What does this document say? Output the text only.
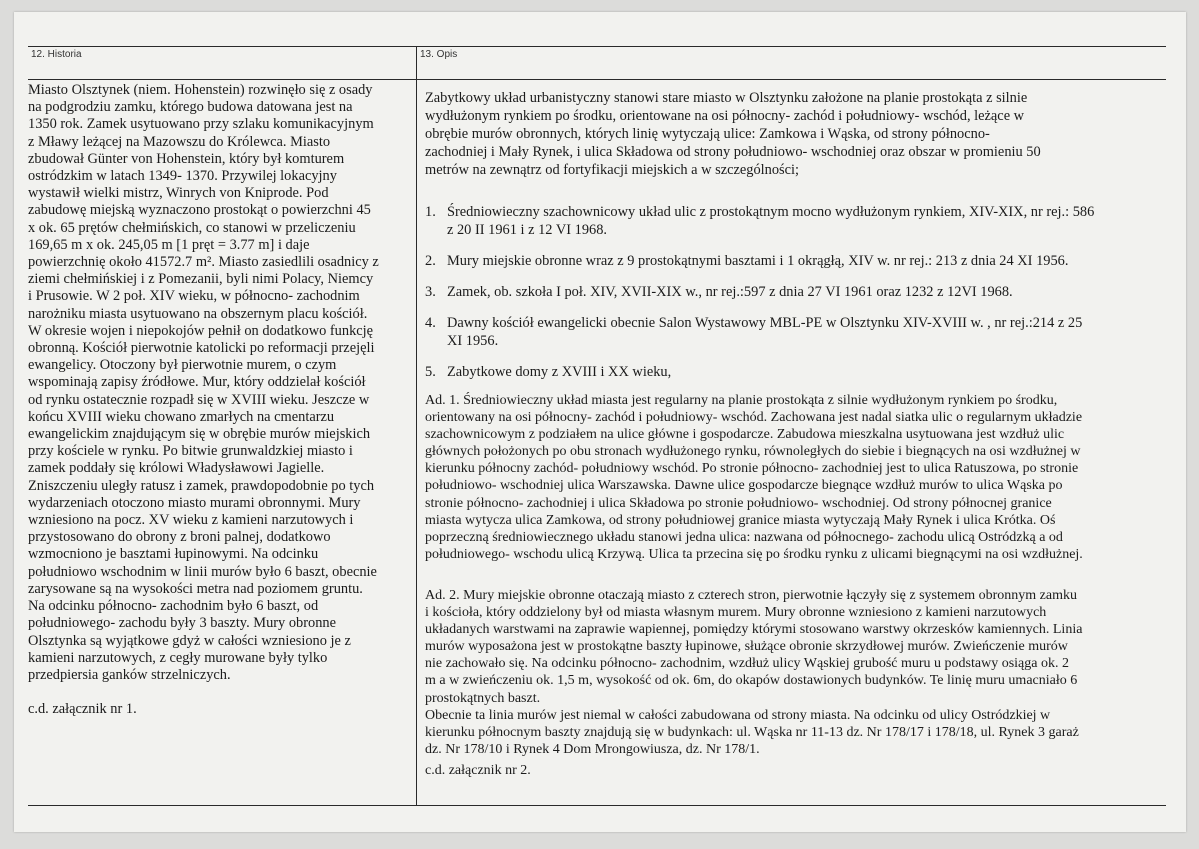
12. Historia	13. Opis
Miasto Olsztynek (niem. Hohenstein) rozwinęło się z osady
na podgrodziu zamku, którego budowa datowana jest na
1350 rok. Zamek usytuowano przy szlaku komunikacyjnym
z Mławy leżącej na Mazowszu do Królewca. Miasto
zbudował Günter von Hohenstein, który był komturem
ostródzkim w latach 1349- 1370. Przywilej lokacyjny
wystawił wielki mistrz, Winrych von Kniprode. Pod
zabudowę miejską wyznaczono prostokąt o powierzchni 45
x ok. 65 prętów chełmińskich, co stanowi w przeliczeniu
169,65 m x ok. 245,05 m [1 pręt = 3.77 m] i daje
powierzchnię około 41572.7 m². Miasto zasiedlili osadnicy z
ziemi chełmińskiej i z Pomezanii, byli nimi Polacy, Niemcy
i Prusowie. W 2 poł. XIV wieku, w północno- zachodnim
narożniku miasta usytuowano na obszernym placu kościół.
W okresie wojen i niepokojów pełnił on dodatkowo funkcję
obronną. Kościół pierwotnie katolicki po reformacji przejęli
ewangelicy. Otoczony był pierwotnie murem, o czym
wspominają zapisy źródłowe. Mur, który oddzielał kościół
od rynku ostatecznie rozpadł się w XVIII wieku. Jeszcze w
końcu XVIII wieku chowano zmarłych na cmentarzu
ewangelickim znajdującym się w obrębie murów miejskich
przy kościele w rynku. Po bitwie grunwaldzkiej miasto i
zamek poddały się królowi Władysławowi Jagielle.
Zniszczeniu uległy ratusz i zamek, prawdopodobnie po tych
wydarzeniach otoczono miasto murami obronnymi. Mury
wzniesiono na pocz. XV wieku z kamieni narzutowych i
przystosowano do obrony z broni palnej, dodatkowo
wzmocniono je basztami łupinowymi. Na odcinku
południowo wschodnim w linii murów było 6 baszt, obecnie
zarysowane są na wysokości metra nad poziomem gruntu.
Na odcinku północno- zachodnim było 6 baszt, od
południowego- zachodu były 3 baszty. Mury obronne
Olsztynka są wyjątkowe gdyż w całości wzniesiono je z
kamieni narzutowych, z cegły murowane były tylko
przedpiersia ganków strzelniczych.
c.d. załącznik nr 1.
Zabytkowy układ urbanistyczny stanowi stare miasto w Olsztynku założone na planie prostokąta z silnie
wydłużonym rynkiem po środku, orientowane na osi północny- zachód i południowy- wschód, leżące w
obrębie murów obronnych, których linię wytyczają ulice: Zamkowa i Wąska, od strony północno-
zachodniej i Mały Rynek, i ulica Składowa od strony południowo- wschodniej oraz obszar w promieniu 50
metrów na zewnątrz od fortyfikacji miejskich a w szczególności;
1. Średniowieczny szachownicowy układ ulic z prostokątnym mocno wydłużonym rynkiem, XIV-XIX, nr rej.: 586
z 20 II 1961 i z 12 VI 1968.
2. Mury miejskie obronne wraz z 9 prostokątnymi basztami i 1 okrągłą, XIV w. nr rej.: 213 z dnia 24 XI 1956.
3. Zamek, ob. szkoła I poł. XIV, XVII-XIX w., nr rej.:597 z dnia 27 VI 1961 oraz 1232 z 12VI 1968.
4. Dawny kościół ewangelicki obecnie Salon Wystawowy MBL-PE w Olsztynku XIV-XVIII w. , nr rej.:214 z 25
XI 1956.
5. Zabytkowe domy z XVIII i XX wieku,
Ad. 1. Średniowieczny układ miasta jest regularny na planie prostokąta z silnie wydłużonym rynkiem po środku,
orientowany na osi północny- zachód i południowy- wschód. Zachowana jest nadal siatka ulic o regularnym układzie
szachownicowym z podziałem na ulice główne i gospodarcze. Zabudowa mieszkalna usytuowana jest wzdłuż ulic
głównych położonych po obu stronach wydłużonego rynku, równoległych do siebie i biegnących na osi wzdłużnej w
kierunku północny zachód- południowy wschód. Po stronie północno- zachodniej jest to ulica Ratuszowa, po stronie
południowo- wschodniej ulica Warszawska. Dawne ulice gospodarcze biegnące wzdłuż murów to ulica Wąska po
stronie północno- zachodniej i ulica Składowa po stronie południowo- wschodniej. Od strony północnej granice
miasta wytycza ulica Zamkowa, od strony południowej granice miasta wytyczają Mały Rynek i ulica Krótka. Oś
poprzeczną średniowiecznego układu stanowi jedna ulica: nazwana od północnego- zachodu ulicą Ostródzką a od
południowego- wschodu ulicą Krzywą. Ulica ta przecina się po środku rynku z ulicami biegnącymi na osi wzdłużnej.
Ad. 2. Mury miejskie obronne otaczają miasto z czterech stron, pierwotnie łączyły się z systemem obronnym zamku
i kościoła, który oddzielony był od miasta własnym murem. Mury obronne wzniesiono z kamieni narzutowych
układanych warstwami na zaprawie wapiennej, pomiędzy którymi stosowano warstwy okrzesków kamiennych. Linia
murów wyposażona jest w prostokątne baszty łupinowe, służące obronie skrzydłowej murów. Zwieńczenie murów
nie zachowało się. Na odcinku północno- zachodnim, wzdłuż ulicy Wąskiej grubość muru u podstawy osiąga ok. 2
m a w zwieńczeniu ok. 1,5 m, wysokość od ok. 6m, do okapów dostawionych budynków. Te linię muru umacniało 6
prostokątnych baszt.
Obecnie ta linia murów jest niemal w całości zabudowana od strony miasta. Na odcinku od ulicy Ostródzkiej w
kierunku północnym baszty znajdują się w budynkach: ul. Wąska nr 11-13 dz. Nr 178/17 i 178/18, ul. Rynek 3 garaż
dz. Nr 178/10 i Rynek 4 Dom Mrongowiusza, dz. Nr 178/1.
c.d. załącznik nr 2.
